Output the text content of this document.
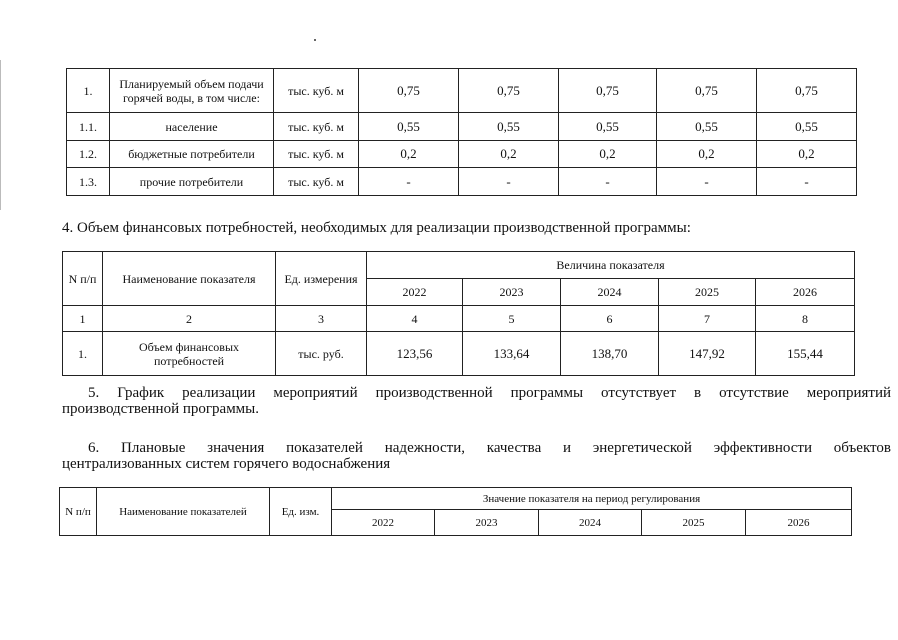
1.	Планируемый объем подачи горячей воды, в том числе:	тыс. куб. м	0,75	0,75	0,75	0,75	0,75
1.1.	население	тыс. куб. м	0,55	0,55	0,55	0,55	0,55
1.2.	бюджетные потребители	тыс. куб. м	0,2	0,2	0,2	0,2	0,2
1.3.	прочие потребители	тыс. куб. м	-	-	-	-	-
4. Объем финансовых потребностей, необходимых для реализации производственной программы:
N п/п	Наименование показателя	Ед. измерения	Величина показателя				
			2022	2023	2024	2025	2026
1	2	3	4	5	6	7	8
1.	Объем финансовых потребностей	тыс. руб.	123,56	133,64	138,70	147,92	155,44
5. График реализации мероприятий производственной программы отсутствует в отсутствие мероприятий
производственной программы.
6. Плановые значения показателей надежности, качества и энергетической эффективности объектов
централизованных систем горячего водоснабжения
N п/п	Наименование показателей	Ед. изм.	Значение показателя на период регулирования				
			2022	2023	2024	2025	2026
